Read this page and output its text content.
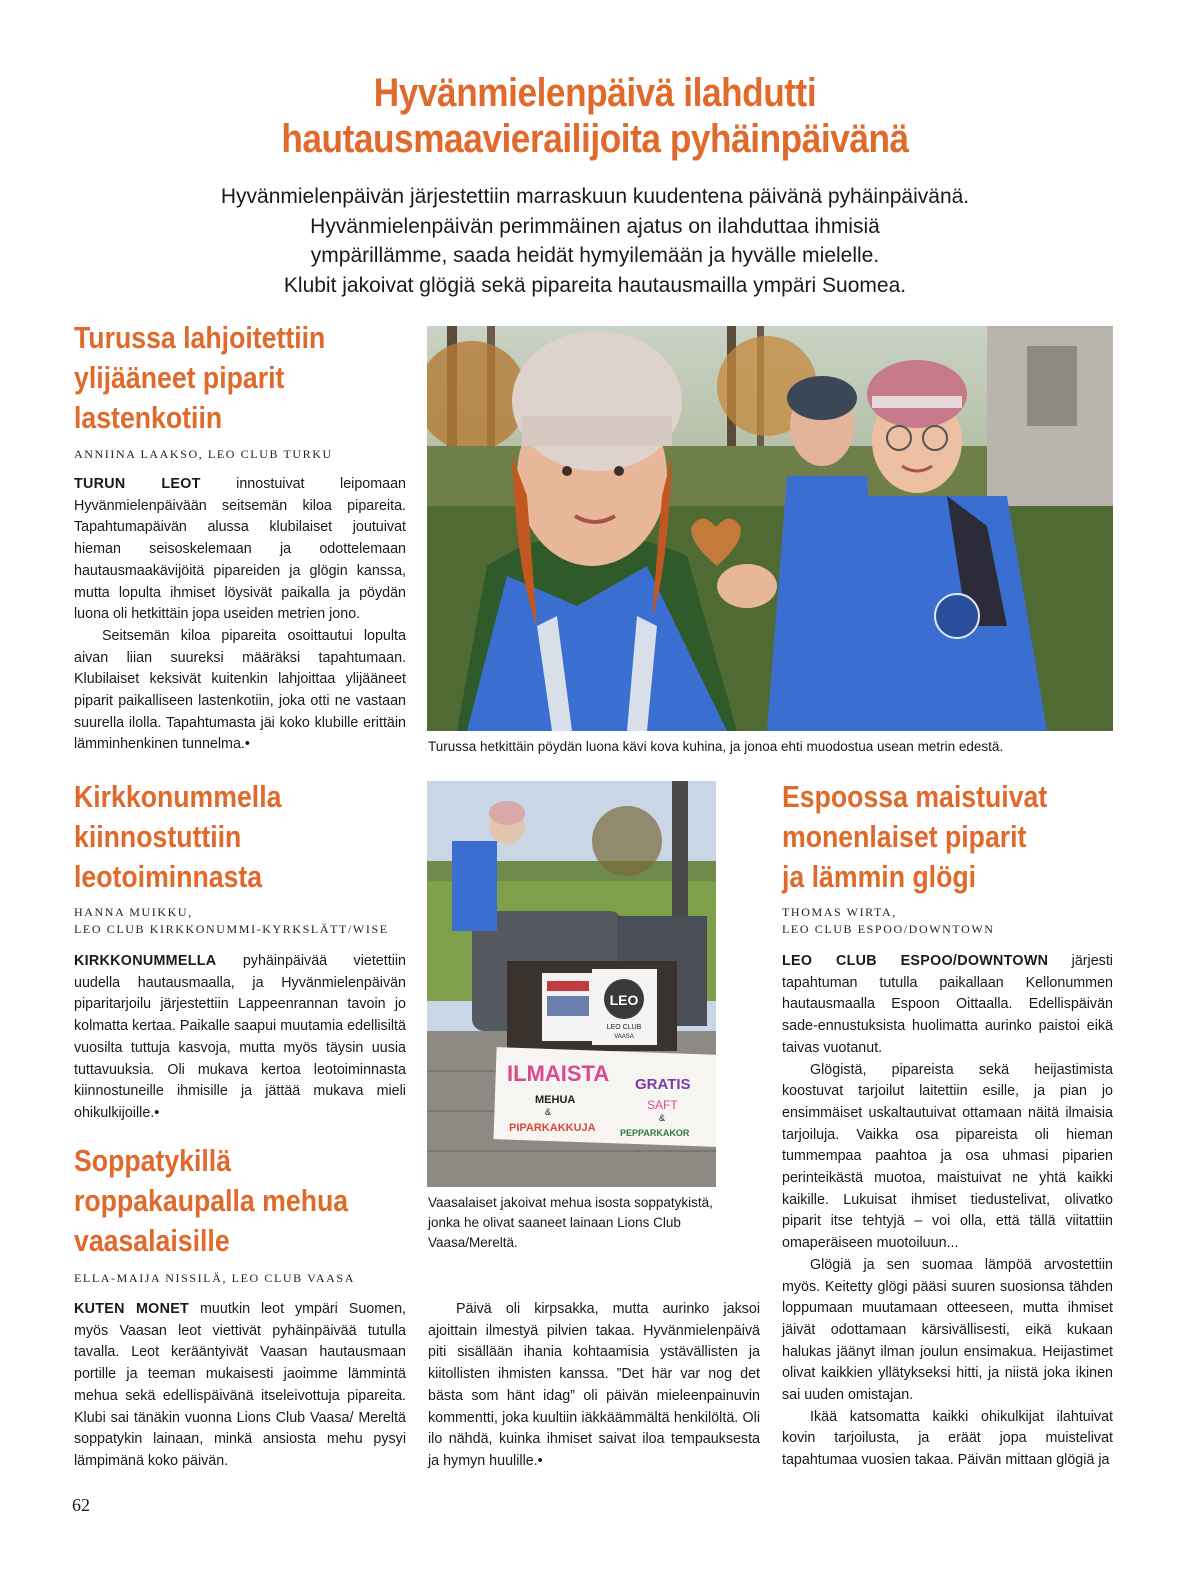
Hyvänmielenpäivä ilahdutti
hautausmaavierailijoita pyhäinpäivänä

Hyvänmielenpäivän järjestettiin marraskuun kuudentena päivänä pyhäinpäivänä.
Hyvänmielenpäivän perimmäinen ajatus on ilahduttaa ihmisiä
ympärillämme, saada heidät hymyilemään ja hyvälle mielelle.
Klubit jakoivat glögiä sekä pipareita hautausmailla ympäri Suomea.

Turussa lahjoitettiin
ylijääneet piparit
lastenkotiin

ANNIINA LAAKSO, LEO CLUB TURKU

TURUN LEOT innostuivat leipomaan Hyvänmielenpäivään seitsemän kiloa pipareita. Tapahtumapäivän alussa klubilaiset joutuivat hieman seisoskelemaan ja odottelemaan hautausmaakävijöitä pipareiden ja glögin kanssa, mutta lopulta ihmiset löysivät paikalla ja pöydän luona oli hetkittäin jopa useiden metrien jono.

Seitsemän kiloa pipareita osoittautui lopulta aivan liian suureksi määräksi tapahtumaan. Klubilaiset keksivät kuitenkin lahjoittaa ylijääneet piparit paikalliseen lastenkotiin, joka otti ne vastaan suurella ilolla. Tapahtumasta jäi koko klubille erittäin lämminhenkinen tunnelma.•	Turussa hetkittäin pöydän luona kävi kova kuhina, ja jonoa ehti muodostua usean metrin edestä.

Kirkkonummella
kiinnostuttiin
leotoiminnasta

HANNA MUIKKU,
LEO CLUB KIRKKONUMMI-KYRKSLÄTT/WISE

KIRKKONUMMELLA pyhäinpäivää vietettiin uudella hautausmaalla, ja Hyvänmielenpäivän piparitarjoilu järjestettiin Lappeenrannan tavoin jo kolmatta kertaa. Paikalle saapui muutamia edellisiltä vuosilta tuttuja kasvoja, mutta myös täysin uusia tuttavuuksia. Oli mukava kertoa leotoiminnasta kiinnostuneille ihmisille ja jättää mukava mieli ohikulkijoille.•

Soppatykillä
roppakaupalla mehua
vaasalaisille

ELLA-MAIJA NISSILÄ, LEO CLUB VAASA

KUTEN MONET muutkin leot ympäri Suomen, myös Vaasan leot viettivät pyhäinpäivää tutulla tavalla. Leot kerääntyivät Vaasan hautausmaan portille ja teeman mukaisesti jaoimme lämmintä mehua sekä edellispäivänä itseleivottuja pipareita. Klubi sai tänäkin vuonna Lions Club Vaasa/ Mereltä soppatykin lainaan, minkä ansiosta mehu pysyi lämpimänä koko päivän.

Päivä oli kirpsakka, mutta aurinko jaksoi ajoittain ilmestyä pilvien takaa. Hyvänmielenpäivä piti sisällään ihania kohtaamisia ystävällisten ja kiitollisten ihmisten kanssa. ”Det här var nog det bästa som hänt idag” oli päivän mieleenpainuvin kommentti, joka kuultiin iäkkäämmältä henkilöltä. Oli ilo nähdä, kuinka ihmiset saivat iloa tempauksesta ja hymyn huulille.•

LEO
LEO CLUB
VAASA
ILMAISTA
MEHUA
&
PIPARKAKKUJA
GRATIS
SAFT
&
PEPPARKAKOR

Vaasalaiset jakoivat mehua isosta soppatykistä, jonka he olivat saaneet lainaan Lions Club Vaasa/Mereltä.

Espoossa maistuivat
monenlaiset piparit
ja lämmin glögi

THOMAS WIRTA,
LEO CLUB ESPOO/DOWNTOWN

LEO CLUB ESPOO/DOWNTOWN järjesti tapahtuman tutulla paikallaan Kellonummen hautausmaalla Espoon Oittaalla. Edellispäivän sade-ennustuksista huolimatta aurinko paistoi eikä taivas vuotanut.

Glögistä, pipareista sekä heijastimista koostuvat tarjoilut laitettiin esille, ja pian jo ensimmäiset uskaltautuivat ottamaan näitä ilmaisia tarjoiluja. Vaikka osa pipareista oli hieman tummempaa paahtoa ja osa uhmasi piparien perinteikästä muotoa, maistuivat ne yhtä kaikki kaikille. Lukuisat ihmiset tiedustelivat, olivatko piparit itse tehtyjä – voi olla, että tällä viitattiin omaperäiseen muotoiluun...

Glögiä ja sen suomaa lämpöä arvostettiin myös. Keitetty glögi pääsi suuren suosionsa tähden loppumaan muutamaan otteeseen, mutta ihmiset jäivät odottamaan kärsivällisesti, eikä kukaan halukas jäänyt ilman joulun ensimakua. Heijastimet olivat kaikkien yllätykseksi hitti, ja niistä joka ikinen sai uuden omistajan.

Ikää katsomatta kaikki ohikulkijat ilahtuivat kovin tarjoilusta, ja eräät jopa muistelivat tapahtumaa vuosien takaa. Päivän mittaan glögiä ja

62
